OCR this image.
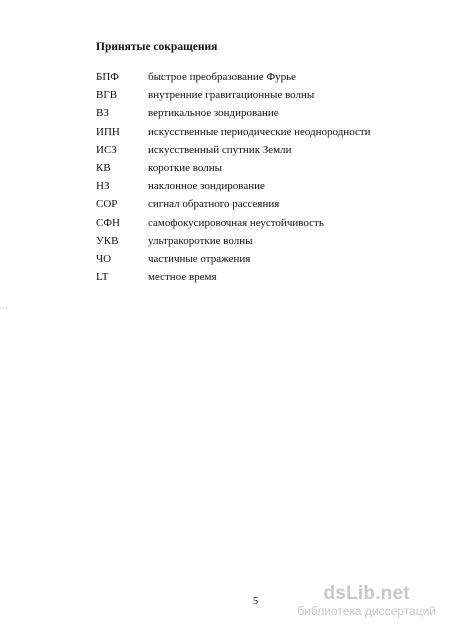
Принятые сокращения
БПФ	быстрое преобразование Фурье
ВГВ	внутренние гравитационные волны
ВЗ	вертикальное зондирование
ИПН	искусственные периодические неоднородности
ИСЗ	искусственный спутник Земли
КВ	короткие волны
НЗ	наклонное зондирование
СОР	сигнал обратного рассеяния
СФН	самофокусировочная неустойчивость
УКВ	ультракороткие волны
ЧО	частичные отражения
LT	местное время
5	dsLib.net
библиотека диссертаций
